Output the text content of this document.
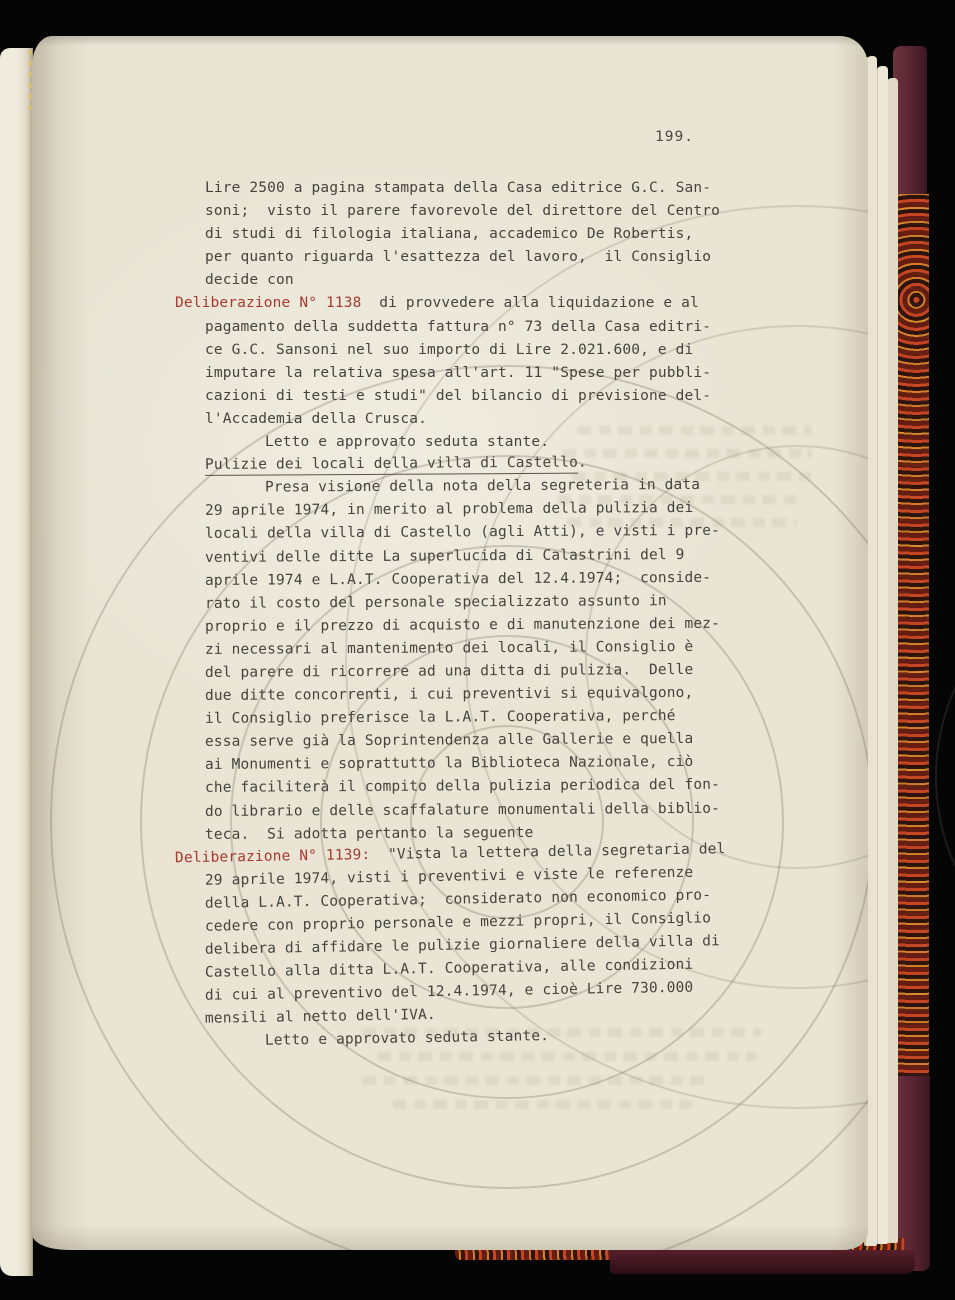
199.
Lire 2500 a pagina stampata della Casa editrice G.C. San-
soni;  visto il parere favorevole del direttore del Centro
di studi di filologia italiana, accademico De Robertis,
per quanto riguarda l'esattezza del lavoro,  il Consiglio
decide con
Deliberazione N° 1138  di provvedere alla liquidazione e al
pagamento della suddetta fattura n° 73 della Casa editri-
ce G.C. Sansoni nel suo importo di Lire 2.021.600, e di
imputare la relativa spesa all'art. 11 "Spese per pubbli-
cazioni di testi e studi" del bilancio di previsione del-
l'Accademia della Crusca.
Letto e approvato seduta stante.
Pulizie dei locali della villa di Castello.
Presa visione della nota della segreteria in data
29 aprile 1974, in merito al problema della pulizia dei
locali della villa di Castello (agli Atti), e visti i pre-
ventivi delle ditte La superlucida di Calastrini del 9
aprile 1974 e L.A.T. Cooperativa del 12.4.1974;  conside-
rato il costo del personale specializzato assunto in
proprio e il prezzo di acquisto e di manutenzione dei mez-
zi necessari al mantenimento dei locali, il Consiglio è
del parere di ricorrere ad una ditta di pulizia.  Delle
due ditte concorrenti, i cui preventivi si equivalgono,
il Consiglio preferisce la L.A.T. Cooperativa, perché
essa serve già la Soprintendenza alle Gallerie e quella
ai Monumenti e soprattutto la Biblioteca Nazionale, ciò
che faciliterà il compito della pulizia periodica del fon-
do librario e delle scaffalature monumentali della biblio-
teca.  Si adotta pertanto la seguente
Deliberazione N° 1139:  "Vista la lettera della segretaria del
29 aprile 1974, visti i preventivi e viste le referenze
della L.A.T. Cooperativa;  considerato non economico pro-
cedere con proprio personale e mezzi propri, il Consiglio
delibera di affidare le pulizie giornaliere della villa di
Castello alla ditta L.A.T. Cooperativa, alle condizioni
di cui al preventivo del 12.4.1974, e cioè Lire 730.000
mensili al netto dell'IVA.
Letto e approvato seduta stante.
